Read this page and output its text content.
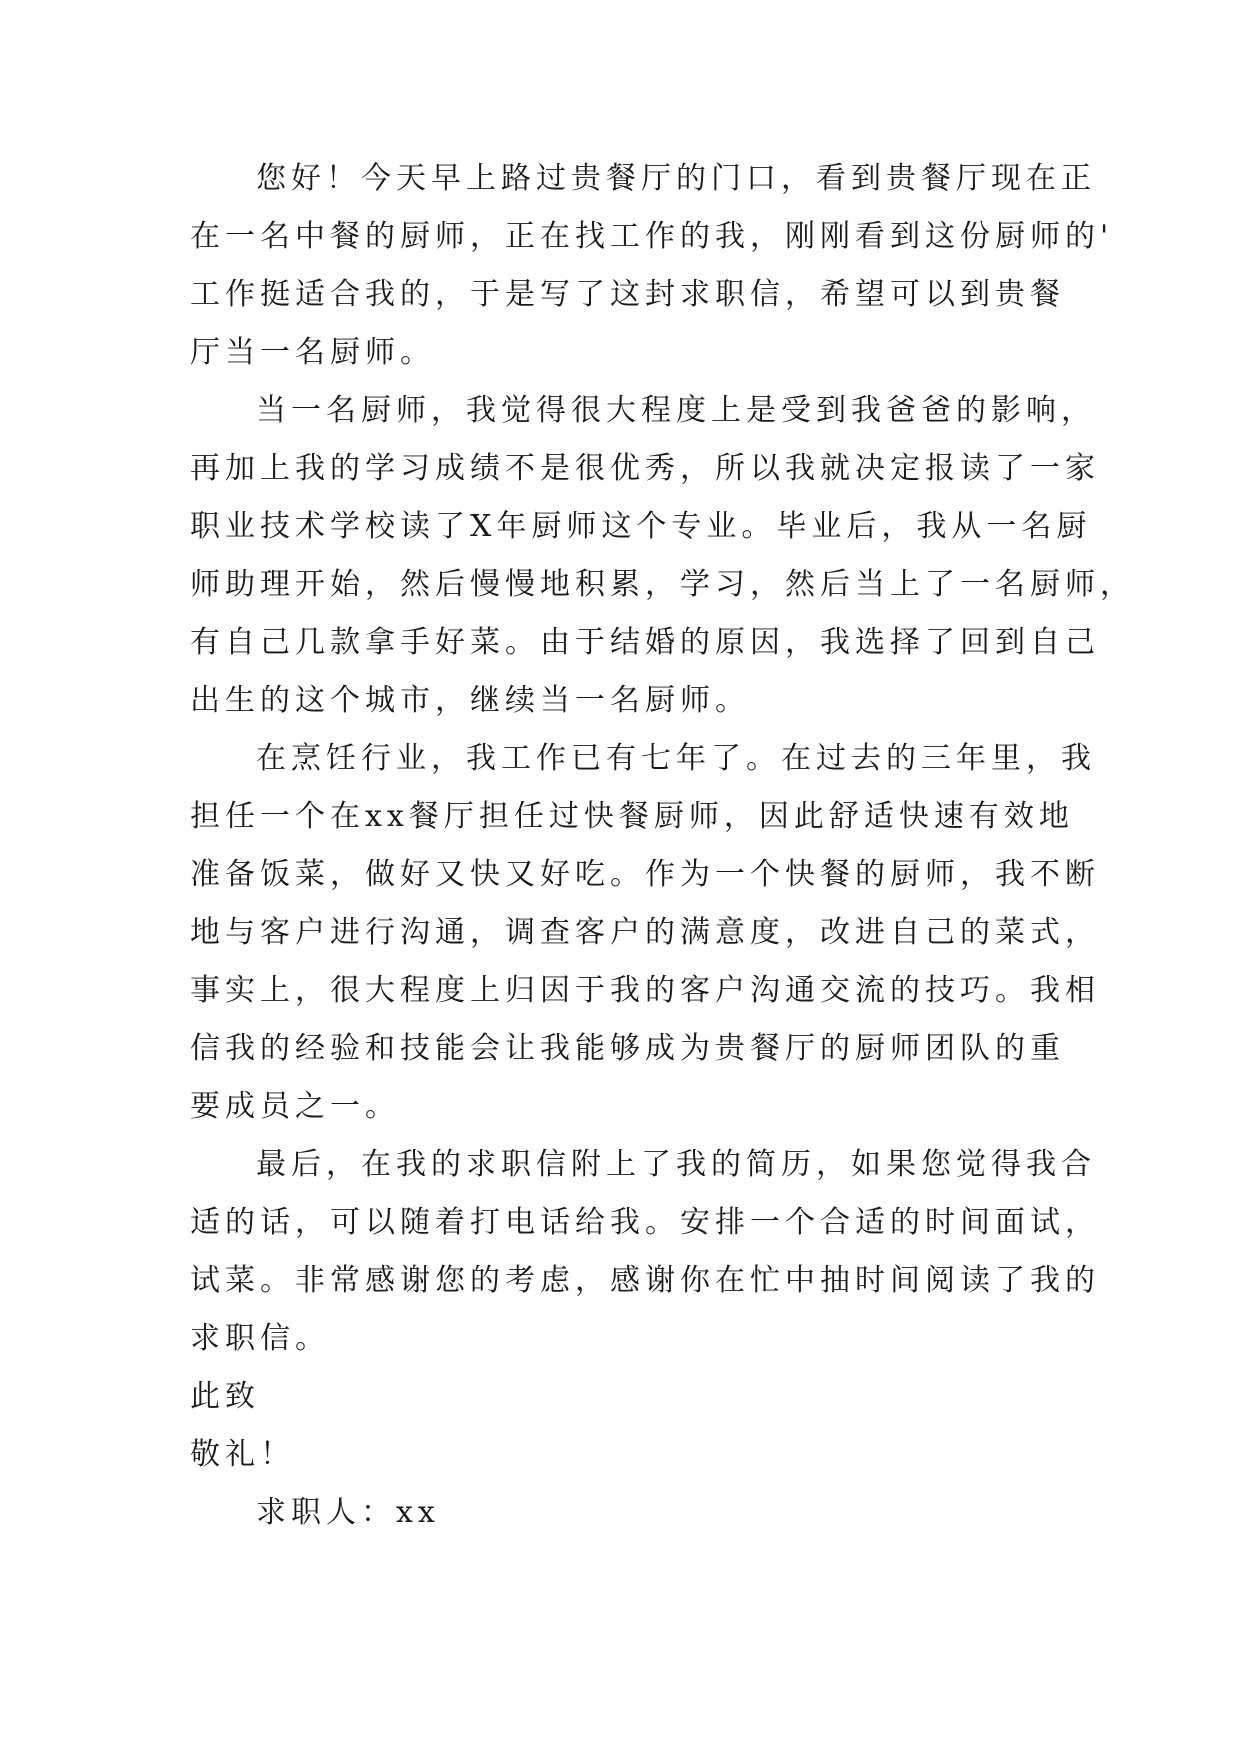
您好！今天早上路过贵餐厅的门口，看到贵餐厅现在正
在一名中餐的厨师，正在找工作的我，刚刚看到这份厨师的'
工作挺适合我的，于是写了这封求职信，希望可以到贵餐
厅当一名厨师。
当一名厨师，我觉得很大程度上是受到我爸爸的影响，
再加上我的学习成绩不是很优秀，所以我就决定报读了一家
职业技术学校读了X年厨师这个专业。毕业后，我从一名厨
师助理开始，然后慢慢地积累，学习，然后当上了一名厨师，
有自己几款拿手好菜。由于结婚的原因，我选择了回到自己
出生的这个城市，继续当一名厨师。
在烹饪行业，我工作已有七年了。在过去的三年里，我
担任一个在xx餐厅担任过快餐厨师，因此舒适快速有效地
准备饭菜，做好又快又好吃。作为一个快餐的厨师，我不断
地与客户进行沟通，调查客户的满意度，改进自己的菜式，
事实上，很大程度上归因于我的客户沟通交流的技巧。我相
信我的经验和技能会让我能够成为贵餐厅的厨师团队的重
要成员之一。
最后，在我的求职信附上了我的简历，如果您觉得我合
适的话，可以随着打电话给我。安排一个合适的时间面试，
试菜。非常感谢您的考虑，感谢你在忙中抽时间阅读了我的
求职信。
此致
敬礼！
求职人：xx
